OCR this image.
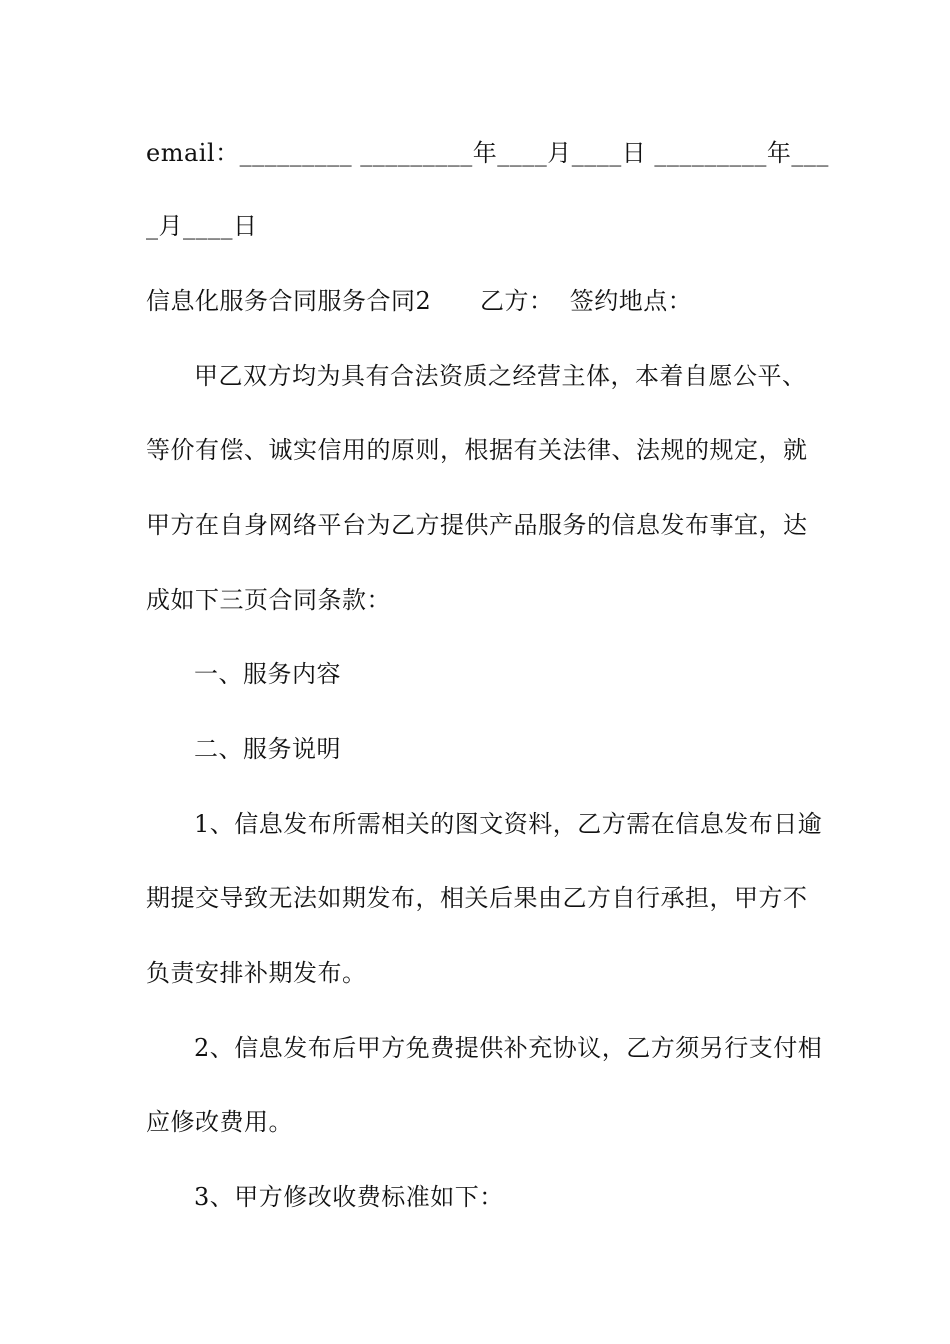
email：_________ _________年____月____日 _________年___
_月____日
信息化服务合同服务合同2      乙方：  签约地点：
甲乙双方均为具有合法资质之经营主体，本着自愿公平、
等价有偿、诚实信用的原则，根据有关法律、法规的规定，就
甲方在自身网络平台为乙方提供产品服务的信息发布事宜，达
成如下三页合同条款：
一、服务内容
二、服务说明
1、信息发布所需相关的图文资料，乙方需在信息发布日逾
期提交导致无法如期发布，相关后果由乙方自行承担，甲方不
负责安排补期发布。
2、信息发布后甲方免费提供补充协议，乙方须另行支付相
应修改费用。
3、甲方修改收费标准如下：
